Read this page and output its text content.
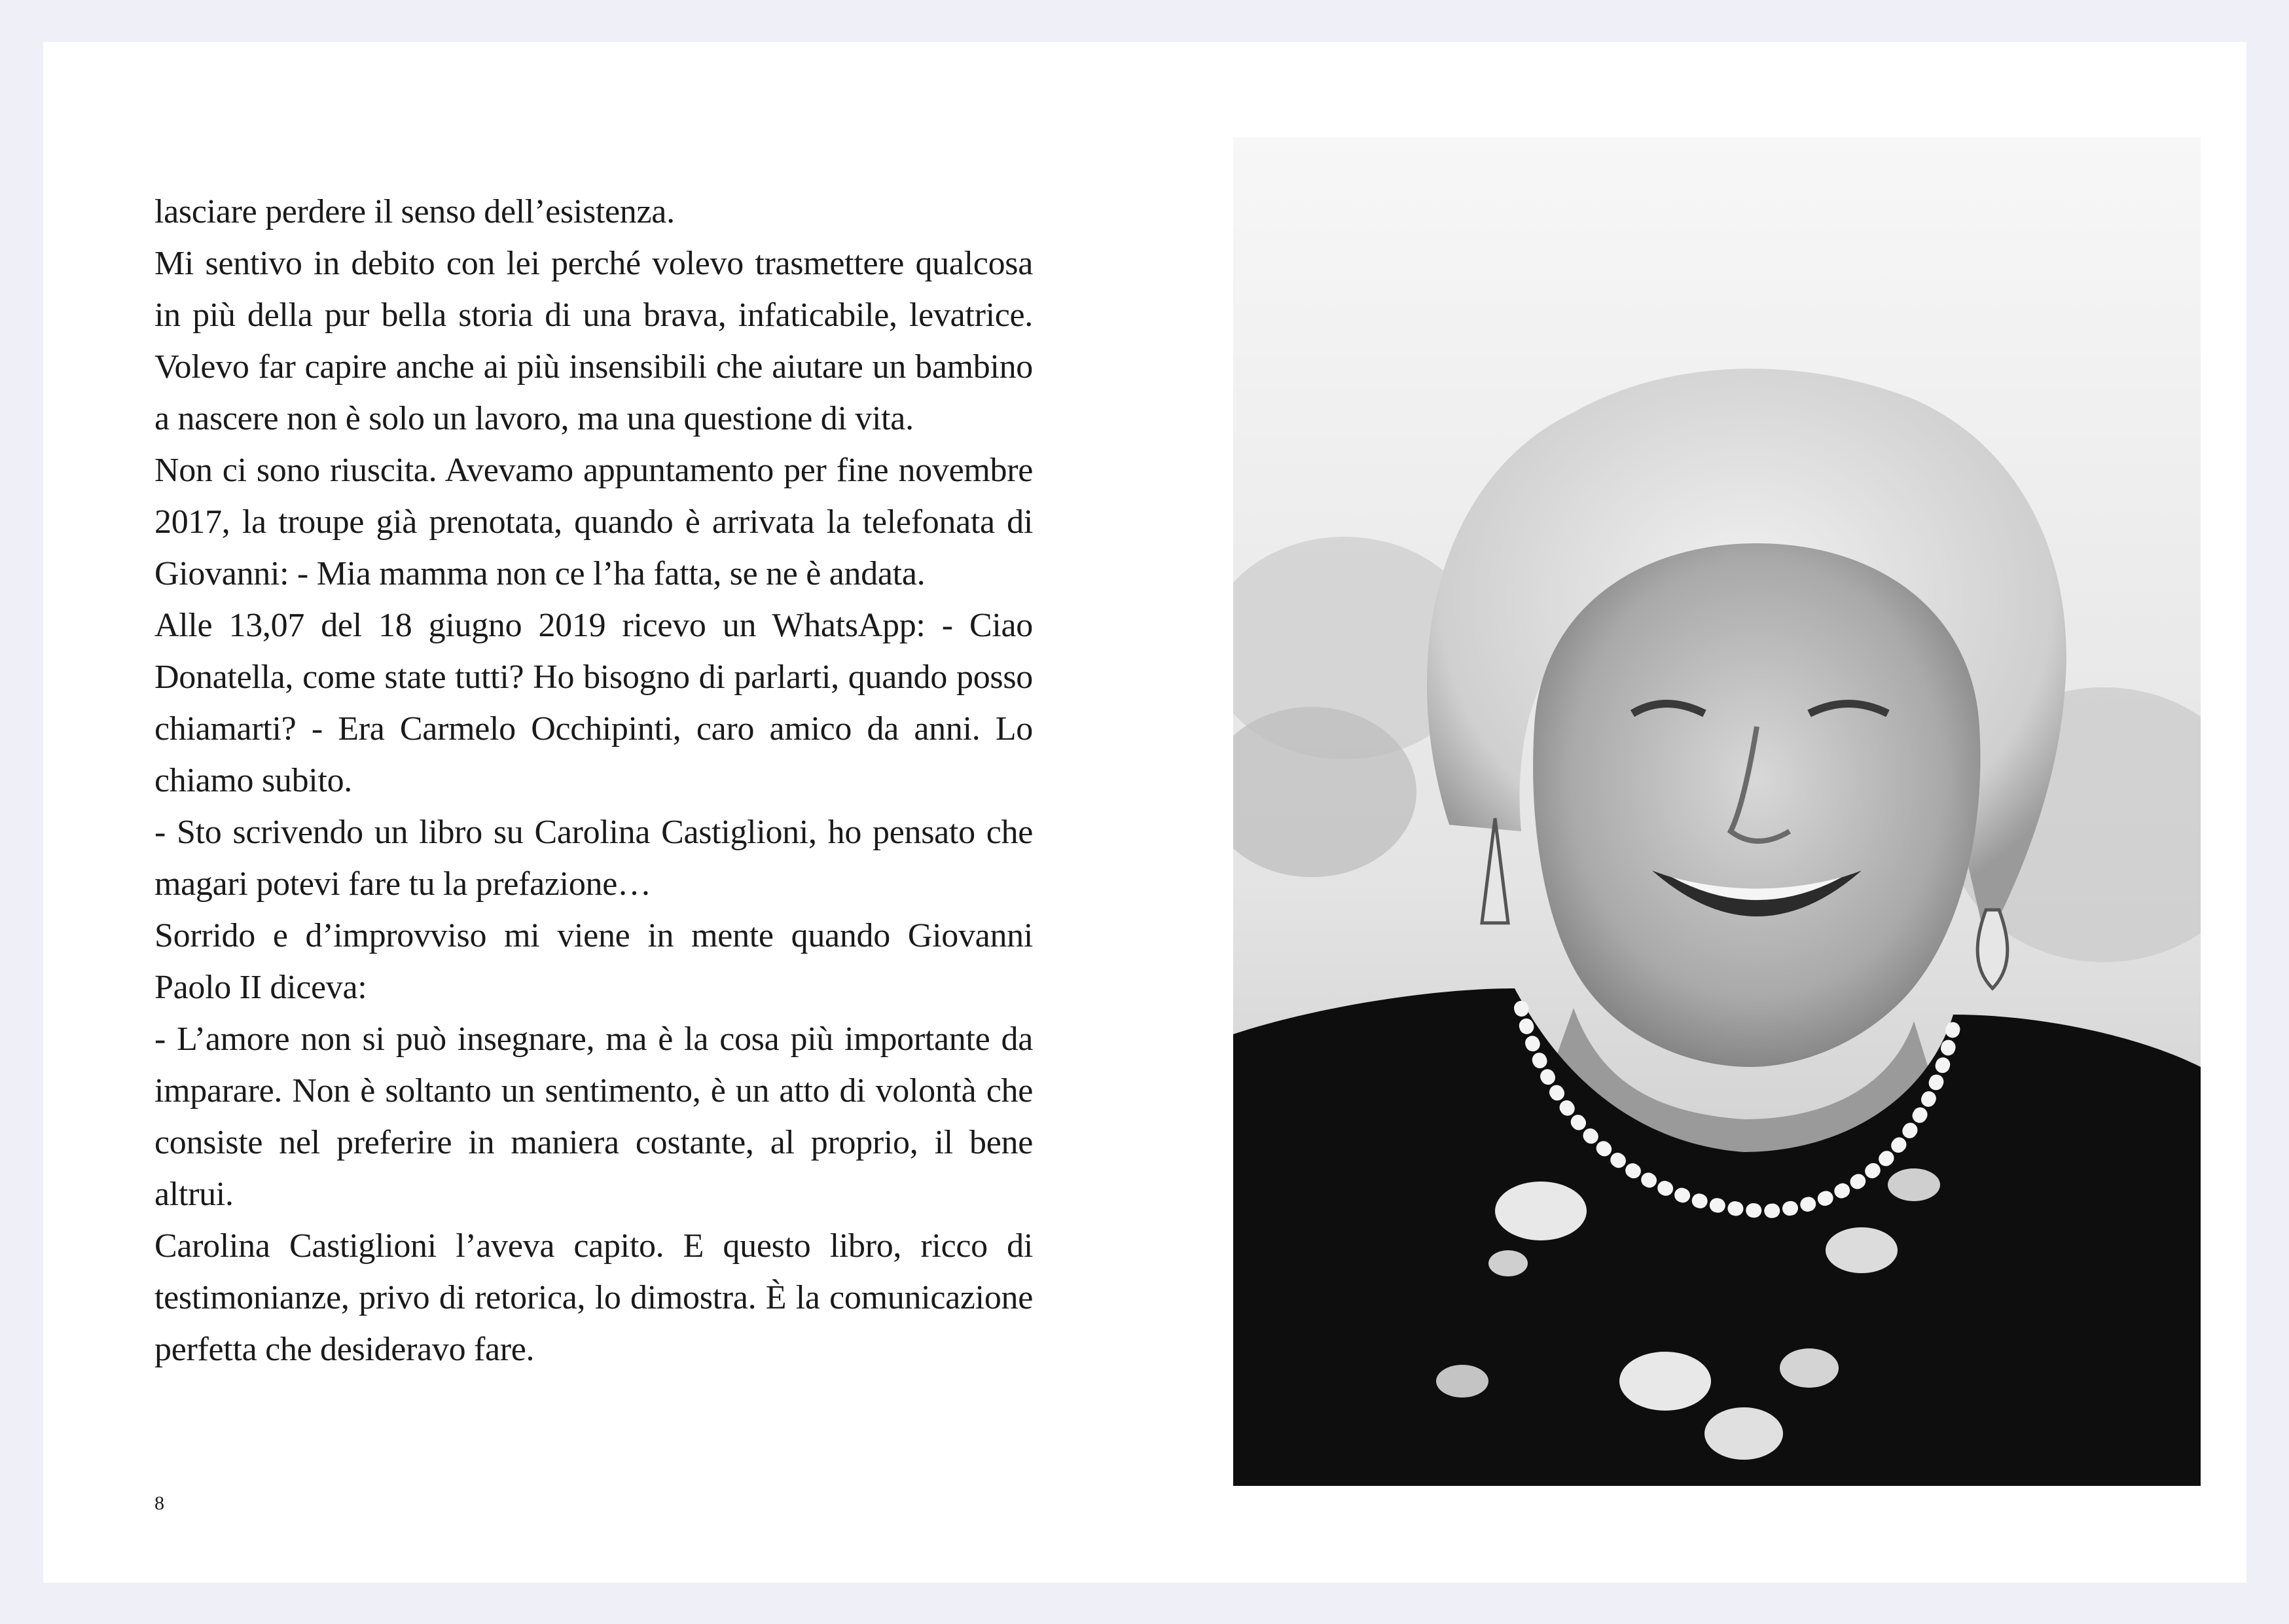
lasciare perdere il senso dell’esistenza.

Mi sentivo in debito con lei perché volevo trasmettere qualcosa in più della pur bella storia di una brava, infaticabile, levatrice. Volevo far capire anche ai più insensibili che aiutare un bambino a nascere non è solo un lavoro, ma una questione di vita.

Non ci sono riuscita. Avevamo appuntamento per fine novembre 2017, la troupe già prenotata, quando è arrivata la telefonata di Giovanni: - Mia mamma non ce l’ha fatta, se ne è andata.

Alle 13,07 del 18 giugno 2019 ricevo un WhatsApp: - Ciao Donatella, come state tutti? Ho bisogno di parlarti, quando posso chiamarti? - Era Carmelo Occhipinti, caro amico da anni. Lo chiamo subito.

- Sto scrivendo un libro su Carolina Castiglioni, ho pensato che magari potevi fare tu la prefazione…

Sorrido e d’improvviso mi viene in mente quando Giovanni Paolo II diceva:

- L’amore non si può insegnare, ma è la cosa più importante da imparare. Non è soltanto un sentimento, è un atto di volontà che consiste nel preferire in maniera costante, al proprio, il bene altrui.

Carolina Castiglioni l’aveva capito. E questo libro, ricco di testimonianze, privo di retorica, lo dimostra. È la comunicazione perfetta che desideravo fare.

8
